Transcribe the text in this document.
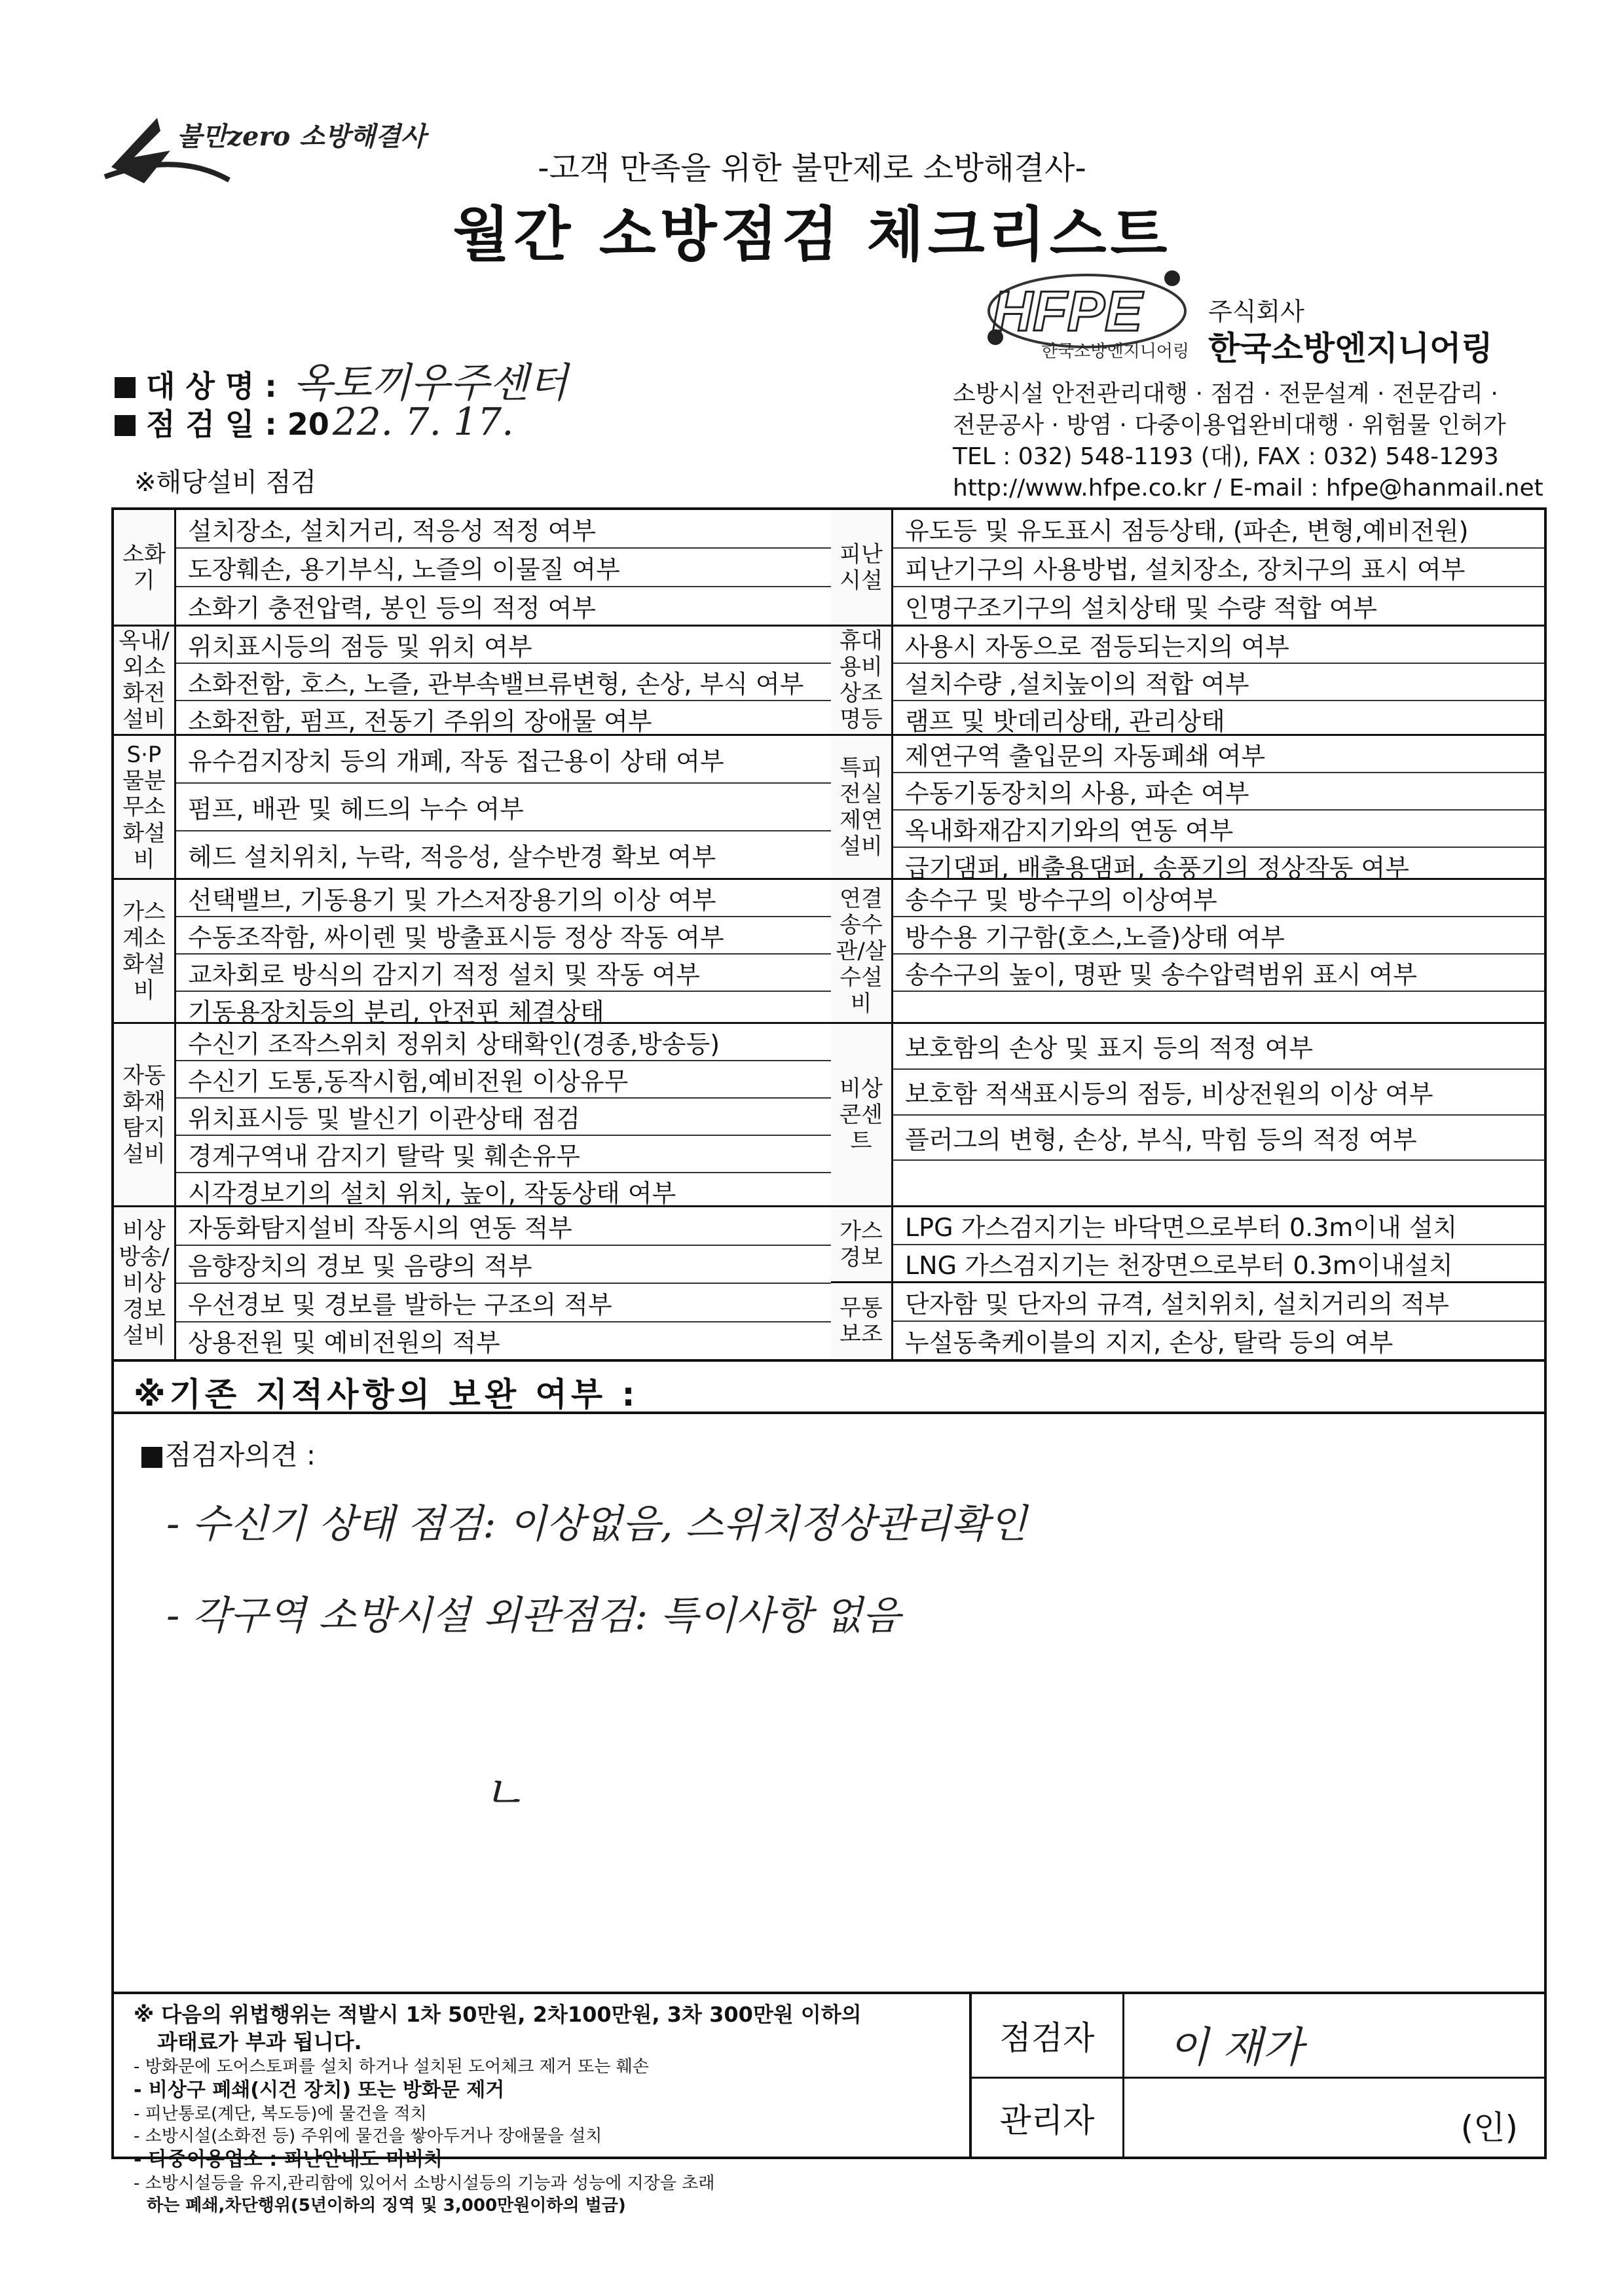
불만zero 소방해결사
-고객 만족을 위한 불만제로 소방해결사-
월간 소방점검 체크리스트
HFPE
한국소방엔지니어링
주식회사
한국소방엔지니어링
소방시설 안전관리대행 · 점검 · 전문설계 · 전문감리 ·
전문공사 · 방염 · 다중이용업완비대행 · 위험물 인허가
TEL : 032) 548-1193 (대), FAX : 032) 548-1293
http://www.hfpe.co.kr / E-mail : hfpe@hanmail.net
대 상 명 : 옥토끼우주센터
점 검 일 : 20 22. 7. 17.
※해당설비 점검
소화기
설치장소, 설치거리, 적응성 적정 여부
도장훼손, 용기부식, 노즐의 이물질 여부
소화기 충전압력, 봉인 등의 적정 여부
피난시설
유도등 및 유도표시 점등상태, (파손, 변형,예비전원)
피난기구의 사용방법, 설치장소, 장치구의 표시 여부
인명구조기구의 설치상태 및 수량 적합 여부
옥내/외소화전설비
위치표시등의 점등 및 위치 여부
소화전함, 호스, 노즐, 관부속밸브류변형, 손상, 부식 여부
소화전함, 펌프, 전동기 주위의 장애물 여부
휴대용비상조명등
사용시 자동으로 점등되는지의 여부
설치수량 ,설치높이의 적합 여부
램프 및 밧데리상태, 관리상태
S·P물분무소화설비
유수검지장치 등의 개폐, 작동 접근용이 상태 여부
펌프, 배관 및 헤드의 누수 여부
헤드 설치위치, 누락, 적응성, 살수반경 확보 여부
특피전실제연설비
제연구역 출입문의 자동폐쇄 여부
수동기동장치의 사용, 파손 여부
옥내화재감지기와의 연동 여부
급기댐퍼, 배출용댐퍼, 송풍기의 정상작동 여부
가스계소화설비
선택밸브, 기동용기 및 가스저장용기의 이상 여부
수동조작함, 싸이렌 및 방출표시등 정상 작동 여부
교차회로 방식의 감지기 적정 설치 및 작동 여부
기동용장치등의 분리, 안전핀 체결상태
연결송수관/살수설비
송수구 및 방수구의 이상여부
방수용 기구함(호스,노즐)상태 여부
송수구의 높이, 명판 및 송수압력범위 표시 여부
자동화재탐지설비
수신기 조작스위치 정위치 상태확인(경종,방송등)
수신기 도통,동작시험,예비전원 이상유무
위치표시등 및 발신기 이관상태 점검
경계구역내 감지기 탈락 및 훼손유무
시각경보기의 설치 위치, 높이, 작동상태 여부
비상콘센트
보호함의 손상 및 표지 등의 적정 여부
보호함 적색표시등의 점등, 비상전원의 이상 여부
플러그의 변형, 손상, 부식, 막힘 등의 적정 여부
비상방송/비상경보설비
자동화탐지설비 작동시의 연동 적부
음향장치의 경보 및 음량의 적부
우선경보 및 경보를 발하는 구조의 적부
상용전원 및 예비전원의 적부
가스경보
LPG 가스검지기는 바닥면으로부터 0.3m이내 설치
LNG 가스검지기는 천장면으로부터 0.3m이내설치
무통보조
단자함 및 단자의 규격, 설치위치, 설치거리의 적부
누설동축케이블의 지지, 손상, 탈락 등의 여부
※기존 지적사항의 보완 여부 :
■점검자의견 :
- 수신기 상태 점검: 이상없음, 스위치정상관리확인
- 각구역 소방시설 외관점검: 특이사항 없음
ㄴ
※ 다음의 위법행위는 적발시 1차 50만원, 2차100만원, 3차 300만원 이하의
과태료가 부과 됩니다.
- 방화문에 도어스토퍼를 설치 하거나 설치된 도어체크 제거 또는 훼손
- 비상구 폐쇄(시건 장치) 또는 방화문 제거
- 피난통로(계단, 복도등)에 물건을 적치
- 소방시설(소화전 등) 주위에 물건을 쌓아두거나 장애물을 설치
- 다중이용업소 : 피난안내도 미비치
- 소방시설등을 유지,관리함에 있어서 소방시설등의 기능과 성능에 지장을 초래
하는 폐쇄,차단행위(5년이하의 징역 및 3,000만원이하의 벌금)
점검자	이 재가
관리자	(인)
